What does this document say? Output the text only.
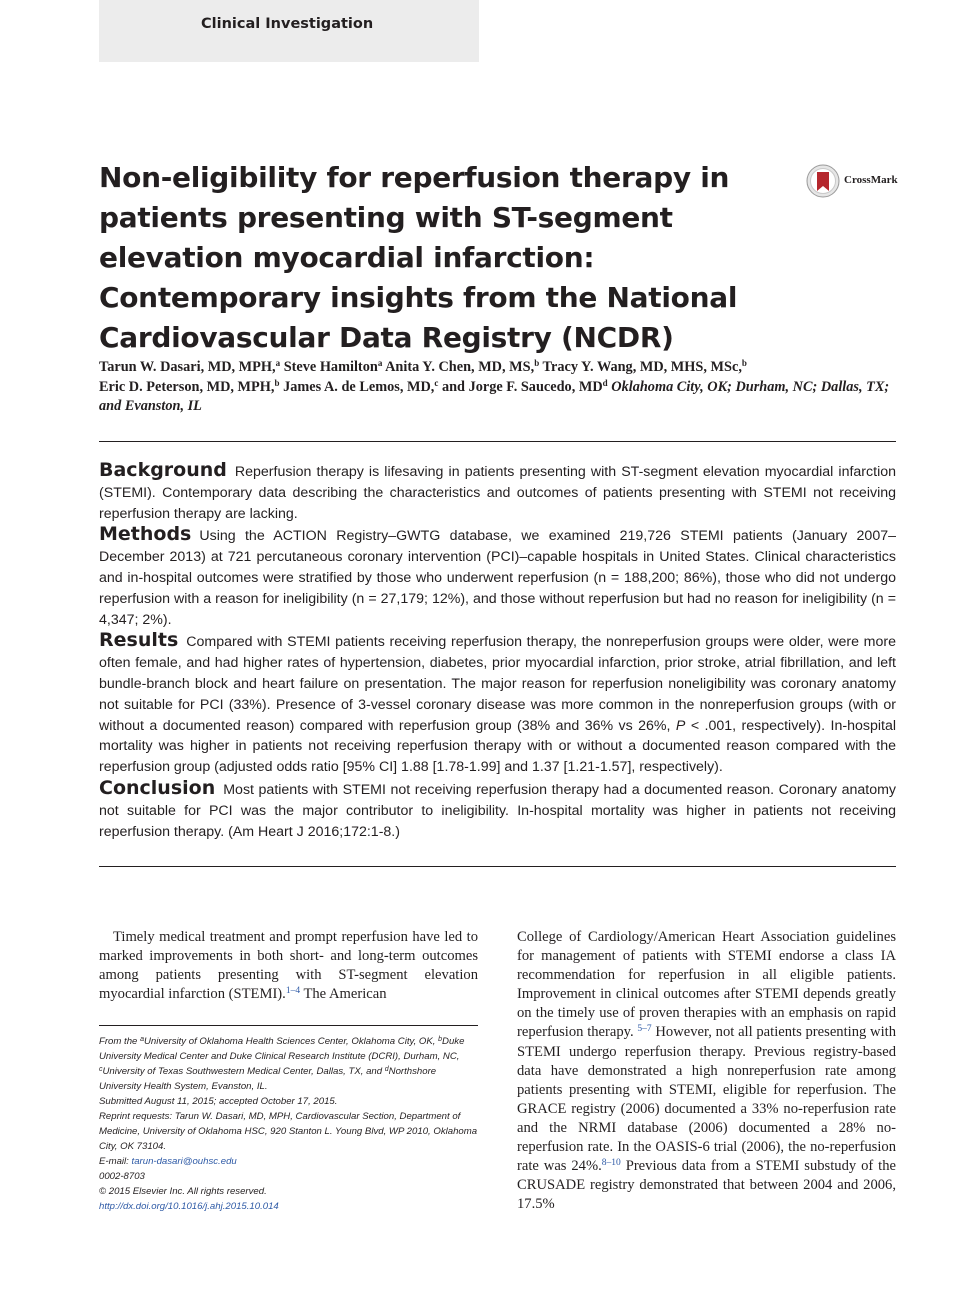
Clinical Investigation
Non-eligibility for reperfusion therapy in patients presenting with ST-segment elevation myocardial infarction: Contemporary insights from the National Cardiovascular Data Registry (NCDR)
CrossMark
Tarun W. Dasari, MD, MPH,$^a$ Steve Hamilton$^a$ Anita Y. Chen, MD, MS,$^b$ Tracy Y. Wang, MD, MHS, MSc,$^b$
Eric D. Peterson, MD, MPH,$^b$ James A. de Lemos, MD,$^c$ and Jorge F. Saucedo, $MD^d$ Oklahoma City, OK; Durham, NC; Dallas, TX; and Evanston, IL

Background Reperfusion therapy is lifesaving in patients presenting with ST-segment elevation myocardial infarction (STEMI). Contemporary data describing the characteristics and outcomes of patients presenting with STEMI not receiving reperfusion therapy are lacking.

Methods Using the ACTION Registry–GWTG database, we examined 219,726 STEMI patients (January 2007–December 2013) at 721 percutaneous coronary intervention (PCI)–capable hospitals in United States. Clinical characteristics and in-hospital outcomes were stratified by those who underwent reperfusion (n = 188,200; 86%), those who did not undergo reperfusion with a reason for ineligibility (n = 27,179; 12%), and those without reperfusion but had no reason for ineligibility (n = 4,347; 2%).

Results Compared with STEMI patients receiving reperfusion therapy, the nonreperfusion groups were older, were more often female, and had higher rates of hypertension, diabetes, prior myocardial infarction, prior stroke, atrial fibrillation, and left bundle-branch block and heart failure on presentation. The major reason for reperfusion noneligibility was coronary anatomy not suitable for PCI (33%). Presence of 3-vessel coronary disease was more common in the nonreperfusion groups (with or without a documented reason) compared with reperfusion group (38% and 36% vs 26%, P < .001, respectively). In-hospital mortality was higher in patients not receiving reperfusion therapy with or without a documented reason compared with the reperfusion group (adjusted odds ratio [95% CI] 1.88 [1.78-1.99] and 1.37 [1.21-1.57], respectively).

Conclusion Most patients with STEMI not receiving reperfusion therapy had a documented reason. Coronary anatomy not suitable for PCI was the major contributor to ineligibility. In-hospital mortality was higher in patients not receiving reperfusion therapy. (Am Heart J 2016;172:1-8.)

Timely medical treatment and prompt reperfusion have led to marked improvements in both short- and long-term outcomes among patients presenting with ST-segment elevation myocardial infarction (STEMI).$^{1-4}$ The American

From the $^a$University of Oklahoma Health Sciences Center, Oklahoma City, OK, $^b$Duke University Medical Center and Duke Clinical Research Institute (DCRI), Durham, NC, $^c$University of Texas Southwestern Medical Center, Dallas, TX, and $^d$Northshore University Health System, Evanston, IL.
Submitted August 11, 2015; accepted October 17, 2015.
Reprint requests: Tarun W. Dasari, MD, MPH, Cardiovascular Section, Department of Medicine, University of Oklahoma HSC, 920 Stanton L. Young Blvd, WP 2010, Oklahoma City, OK 73104.
E-mail: tarun-dasari@ouhsc.edu
0002-8703
© 2015 Elsevier Inc. All rights reserved.
http://dx.doi.org/10.1016/j.ahj.2015.10.014

College of Cardiology/American Heart Association guidelines for management of patients with STEMI endorse a class IA recommendation for reperfusion in all eligible patients. Improvement in clinical outcomes after STEMI depends greatly on the timely use of proven therapies with an emphasis on rapid reperfusion therapy. $^{5-7}$ However, not all patients presenting with STEMI undergo reperfusion therapy. Previous registry-based data have demonstrated a high nonreperfusion rate among patients presenting with STEMI, eligible for reperfusion. The GRACE registry (2006) documented a 33% no-reperfusion rate and the NRMI database (2006) documented a 28% no-reperfusion rate. In the OASIS-6 trial (2006), the no-reperfusion rate was 24%.$^{8-10}$ Previous data from a STEMI substudy of the CRUSADE registry demonstrated that between 2004 and 2006, 17.5%
